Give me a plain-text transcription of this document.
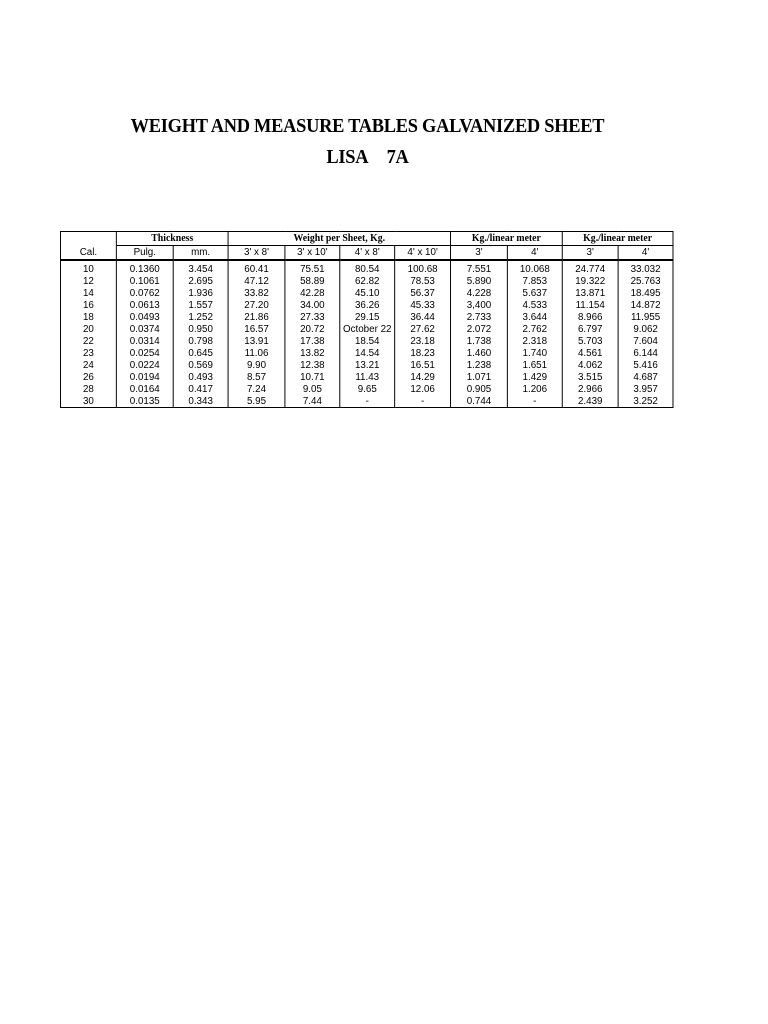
WEIGHT AND MEASURE TABLES GALVANIZED SHEET
LISA 7A
	Thickness		Weight per Sheet, Kg.				Kg./linear meter		Kg./linear meter	
Cal.	Pulg.	mm.	3' x 8'	3' x 10'	4' x 8'	4' x 10'	3'	4'	3'	4'
10	0.1360	3.454	60.41	75.51	80.54	100.68	7.551	10.068	24.774	33.032
12	0.1061	2.695	47.12	58.89	62.82	78.53	5.890	7.853	19.322	25.763
14	0.0762	1.936	33.82	42.28	45.10	56.37	4.228	5.637	13.871	18.495
16	0.0613	1.557	27.20	34.00	36.26	45.33	3,400	4.533	11.154	14.872
18	0.0493	1.252	21.86	27.33	29.15	36.44	2.733	3.644	8.966	11.955
20	0.0374	0.950	16.57	20.72	October 22	27.62	2.072	2.762	6.797	9.062
22	0.0314	0.798	13.91	17.38	18.54	23.18	1.738	2.318	5.703	7.604
23	0.0254	0.645	11.06	13.82	14.54	18.23	1.460	1.740	4.561	6.144
24	0.0224	0.569	9.90	12.38	13.21	16.51	1.238	1.651	4.062	5.416
26	0.0194	0.493	8.57	10.71	11.43	14.29	1.071	1.429	3.515	4.687
28	0.0164	0.417	7.24	9.05	9.65	12.06	0.905	1.206	2.966	3.957
30	0.0135	0.343	5.95	7.44	-	-	0.744	-	2.439	3.252
